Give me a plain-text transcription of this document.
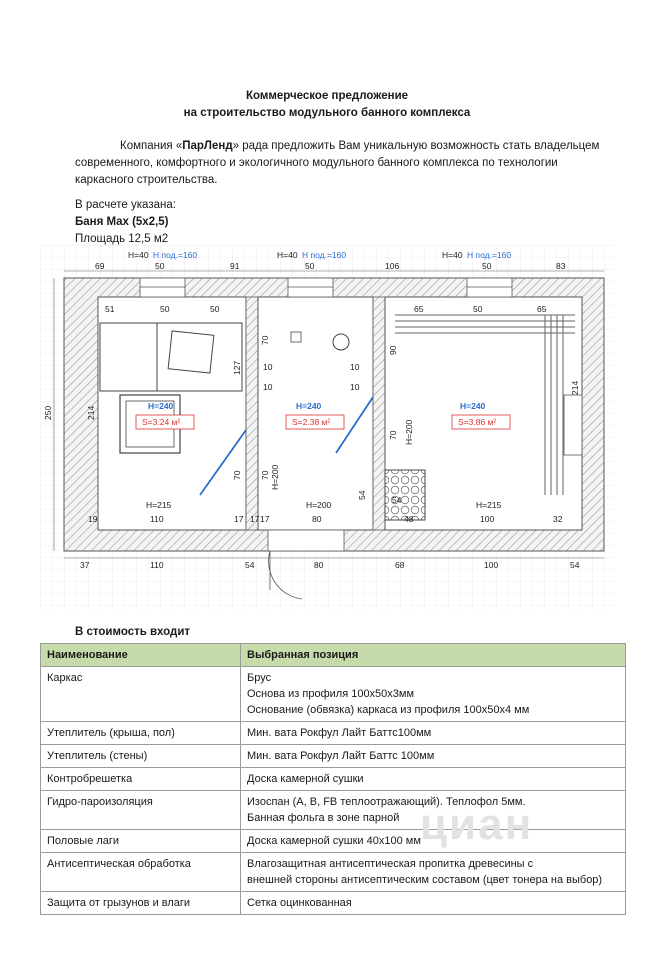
Коммерческое предложение
на строительство модульного банного комплекса
Компания «ПарЛенд» рада предложить Вам уникальную возможность стать владельцем
современного, комфортного и экологичного модульного банного комплекса по технологии
каркасного строительства.
В расчете указана:
Баня Max (5х2,5)
Площадь 12,5 м2
69	50	91	50	106	50	83
H=40 H под.=160	H=40 H под.=160	H=40 H под.=160
51	50	50	65	50	65
250	214
214
H=240
S=3.24 м²
H=240
S=2.38 м²
H=240
S=3.86 м²
H=215	H=200	H=215
19	110	17	80	48	100	32
70
10
10
127
70 70
10
10
90
70
54
17 17
H=200
H=200
54
37	110	54	80	68	100	54
В стоимость входит
Наименование	Выбранная позиция
Каркас	Брус
Основа из профиля 100х50х3мм
Основание (обвязка) каркаса из профиля 100х50х4 мм

Утеплитель (крыша, пол)	Мин. вата Рокфул Лайт Баттс100мм

Утеплитель (стены)	Мин. вата Рокфул Лайт Баттс 100мм

Контробрешетка	Доска камерной сушки

Гидро-пароизоляция	Изоспан (А, В, FB теплоотражающий). Теплофол 5мм.
Банная фольга в зоне парной

Половые лаги	Доска камерной сушки 40х100 мм

Антисептическая обработка	Влагозащитная антисептическая пропитка древесины с
внешней стороны антисептическим составом (цвет тонера на выбор)

Защита от грызунов и влаги	Сетка оцинкованная
циан
